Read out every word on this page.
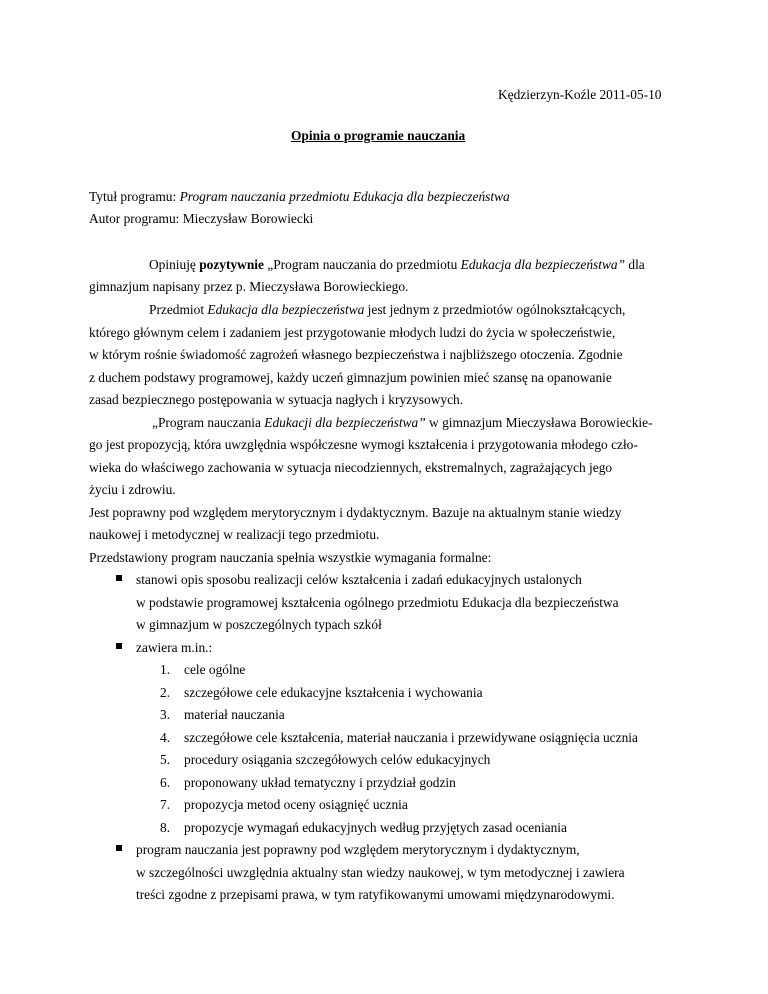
Kędzierzyn-Koźle 2011-05-10
Opinia o programie nauczania
Tytuł programu: Program nauczania przedmiotu Edukacja dla bezpieczeństwa
Autor programu: Mieczysław Borowiecki
Opiniuję pozytywnie „Program nauczania do przedmiotu Edukacja dla bezpieczeństwa” dla
gimnazjum napisany przez p. Mieczysława Borowieckiego.
Przedmiot Edukacja dla bezpieczeństwa jest jednym z przedmiotów ogólnokształcących,
którego głównym celem i zadaniem jest przygotowanie młodych ludzi do życia w społeczeństwie,
w którym rośnie świadomość zagrożeń własnego bezpieczeństwa i najbliższego otoczenia. Zgodnie
z duchem podstawy programowej, każdy uczeń gimnazjum powinien mieć szansę na opanowanie
zasad bezpiecznego postępowania w sytuacja nagłych i kryzysowych.
„Program nauczania Edukacji dla bezpieczeństwa” w gimnazjum Mieczysława Borowieckie-
go jest propozycją, która uwzględnia współczesne wymogi kształcenia i przygotowania młodego czło-
wieka do właściwego zachowania w sytuacja niecodziennych, ekstremalnych, zagrażających jego
życiu i zdrowiu.
Jest poprawny pod względem merytorycznym i dydaktycznym. Bazuje na aktualnym stanie wiedzy
naukowej i metodycznej w realizacji tego przedmiotu.
Przedstawiony program nauczania spełnia wszystkie wymagania formalne:
stanowi opis sposobu realizacji celów kształcenia i zadań edukacyjnych ustalonych
w podstawie programowej kształcenia ogólnego przedmiotu Edukacja dla bezpieczeństwa
w gimnazjum w poszczególnych typach szkół
zawiera m.in.:
1. cele ogólne
2. szczegółowe cele edukacyjne kształcenia i wychowania
3. materiał nauczania
4. szczegółowe cele kształcenia, materiał nauczania i przewidywane osiągnięcia ucznia
5. procedury osiągania szczegółowych celów edukacyjnych
6. proponowany układ tematyczny i przydział godzin
7. propozycja metod oceny osiągnięć ucznia
8. propozycje wymagań edukacyjnych według przyjętych zasad oceniania
program nauczania jest poprawny pod względem merytorycznym i dydaktycznym,
w szczególności uwzględnia aktualny stan wiedzy naukowej, w tym metodycznej i zawiera
treści zgodne z przepisami prawa, w tym ratyfikowanymi umowami międzynarodowymi.
